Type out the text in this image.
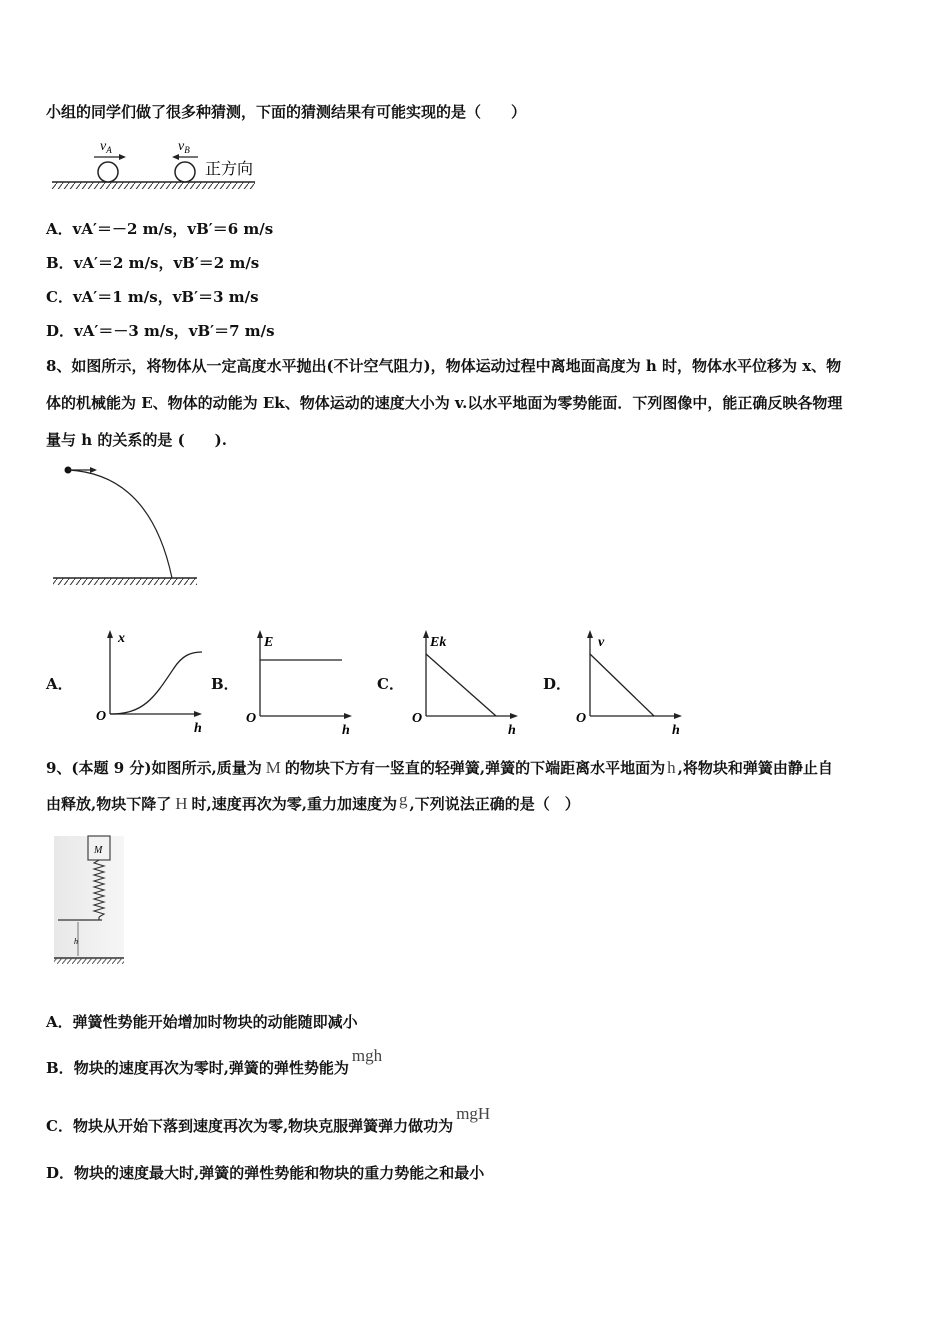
小组的同学们做了很多种猜测，下面的猜测结果有可能实现的是（　　）
$v_A$	$v_B$
正方向
A．vA′＝－2 m/s，vB′＝6 m/s
B．vA′＝2 m/s，vB′＝2 m/s
C．vA′＝1 m/s，vB′＝3 m/s
D．vA′＝－3 m/s，vB′＝7 m/s
8、如图所示，将物体从一定高度水平抛出(不计空气阻力)，物体运动过程中离地面高度为 h 时，物体水平位移为 x、物
体的机械能为 E、物体的动能为 Ek、物体运动的速度大小为 v.以水平地面为零势能面．下列图像中，能正确反映各物理
量与 h 的关系的是 (　　).
A．
x
h
O
B．
E
h
O
C．
Ek
h
O
D．
v
h
O
9、(本题 9 分)如图所示,质量为 M 的物块下方有一竖直的轻弹簧,弹簧的下端距离水平地面为 h ,将物块和弹簧由静止自
由释放,物块下降了 H 时,速度再次为零,重力加速度为 g ,下列说法正确的是（　）
M
h
A．弹簧性势能开始增加时物块的动能随即减小
B．物块的速度再次为零时,弹簧的弹性势能为mgh
C．物块从开始下落到速度再次为零,物块克服弹簧弹力做功为mgH
D．物块的速度最大时,弹簧的弹性势能和物块的重力势能之和最小
